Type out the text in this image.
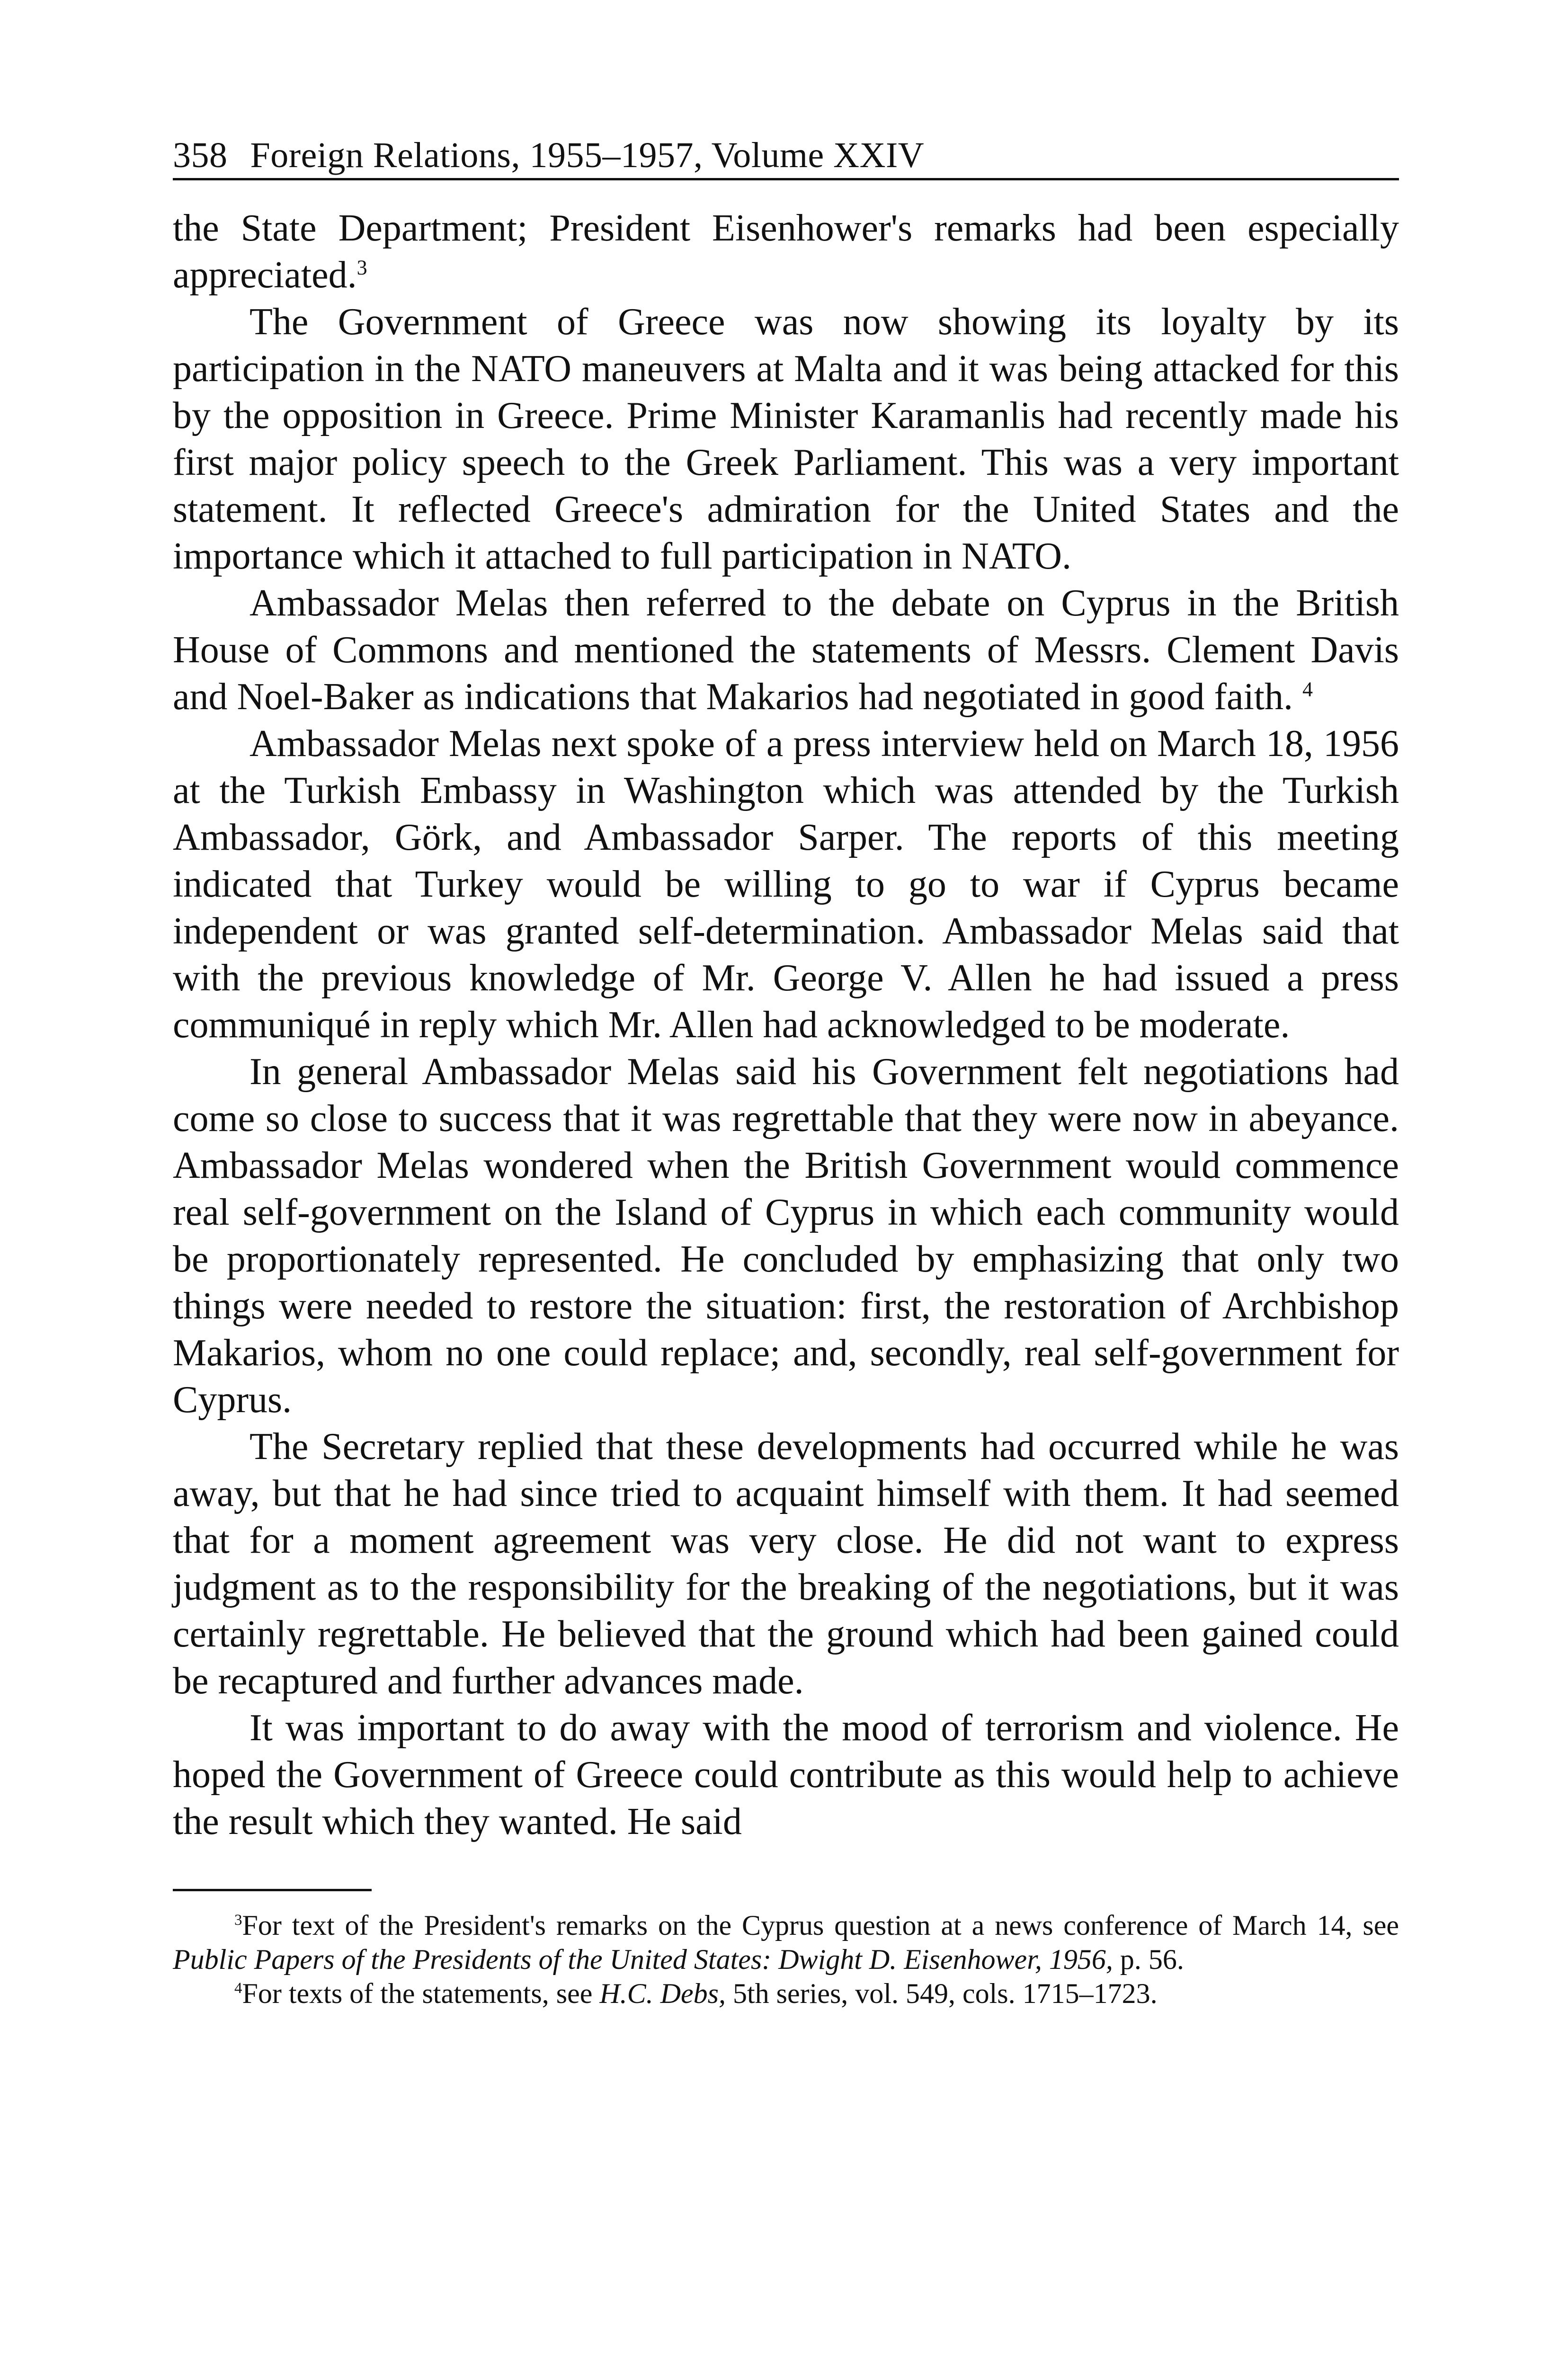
358 Foreign Relations, 1955–1957, Volume XXIV

the State Department; President Eisenhower's remarks had been especially appreciated.$^3$

The Government of Greece was now showing its loyalty by its participation in the NATO maneuvers at Malta and it was being attacked for this by the opposition in Greece. Prime Minister Karamanlis had recently made his first major policy speech to the Greek Parliament. This was a very important statement. It reflected Greece's admiration for the United States and the importance which it attached to full participation in NATO.

Ambassador Melas then referred to the debate on Cyprus in the British House of Commons and mentioned the statements of Messrs. Clement Davis and Noel-Baker as indications that Makarios had negotiated in good faith. $^4$

Ambassador Melas next spoke of a press interview held on March 18, 1956 at the Turkish Embassy in Washington which was attended by the Turkish Ambassador, Görk, and Ambassador Sarper. The reports of this meeting indicated that Turkey would be willing to go to war if Cyprus became independent or was granted self-determination. Ambassador Melas said that with the previous knowledge of Mr. George V. Allen he had issued a press communiqué in reply which Mr. Allen had acknowledged to be moderate.

In general Ambassador Melas said his Government felt negotiations had come so close to success that it was regrettable that they were now in abeyance. Ambassador Melas wondered when the British Government would commence real self-government on the Island of Cyprus in which each community would be proportionately represented. He concluded by emphasizing that only two things were needed to restore the situation: first, the restoration of Archbishop Makarios, whom no one could replace; and, secondly, real self-government for Cyprus.

The Secretary replied that these developments had occurred while he was away, but that he had since tried to acquaint himself with them. It had seemed that for a moment agreement was very close. He did not want to express judgment as to the responsibility for the breaking of the negotiations, but it was certainly regrettable. He believed that the ground which had been gained could be recaptured and further advances made.

It was important to do away with the mood of terrorism and violence. He hoped the Government of Greece could contribute as this would help to achieve the result which they wanted. He said

$^3$For text of the President's remarks on the Cyprus question at a news conference of March 14, see Public Papers of the Presidents of the United States: Dwight D. Eisenhower, 1956, p. 56.

$^4$For texts of the statements, see H.C. Debs, 5th series, vol. 549, cols. 1715–1723.
